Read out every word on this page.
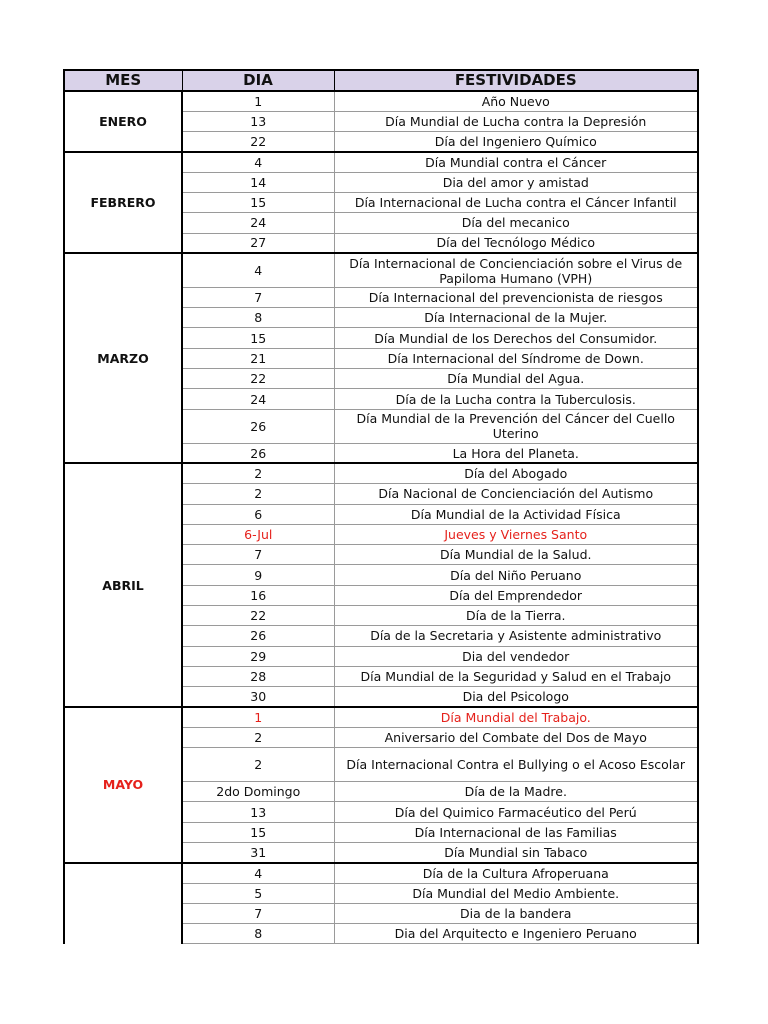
MES	DIA	FESTIVIDADES
ENERO	1	Año Nuevo
	13	Día Mundial de Lucha contra la Depresión
	22	Día del Ingeniero Químico
FEBRERO	4	Día Mundial contra el Cáncer
	14	Dia del amor y amistad
	15	Día Internacional de Lucha contra el Cáncer Infantil
	24	Día del mecanico
	27	Día del Tecnólogo Médico
MARZO	4	Día Internacional de Concienciación sobre el Virus de Papiloma Humano (VPH)
	7	Día Internacional del prevencionista de riesgos
	8	Día Internacional de la Mujer.
	15	Día Mundial de los Derechos del Consumidor.
	21	Día Internacional del Síndrome de Down.
	22	Día Mundial del Agua.
	24	Día de la Lucha contra la Tuberculosis.
	26	Día Mundial de la Prevención del Cáncer del Cuello Uterino
	26	La Hora del Planeta.
ABRIL	2	Día del Abogado
	2	Día Nacional de Concienciación del Autismo
	6	Día Mundial de la Actividad Física
	6-Jul	Jueves y Viernes Santo
	7	Día Mundial de la Salud.
	9	Día del Niño Peruano
	16	Día del Emprendedor
	22	Día de la Tierra.
	26	Día de la Secretaria y Asistente administrativo
	29	Dia del vendedor
	28	Día Mundial de la Seguridad y Salud en el Trabajo
	30	Dia del Psicologo
MAYO	1	Día Mundial del Trabajo.
	2	Aniversario del Combate del Dos de Mayo
	2	Día Internacional Contra el Bullying o el Acoso Escolar
	2do Domingo	Día de la Madre.
	13	Día del Quimico Farmacéutico del Perú
	15	Día Internacional de las Familias
	31	Día Mundial sin Tabaco
	4	Día de la Cultura Afroperuana
	5	Día Mundial del Medio Ambiente.
	7	Dia de la bandera
	8	Dia del Arquitecto e Ingeniero Peruano
